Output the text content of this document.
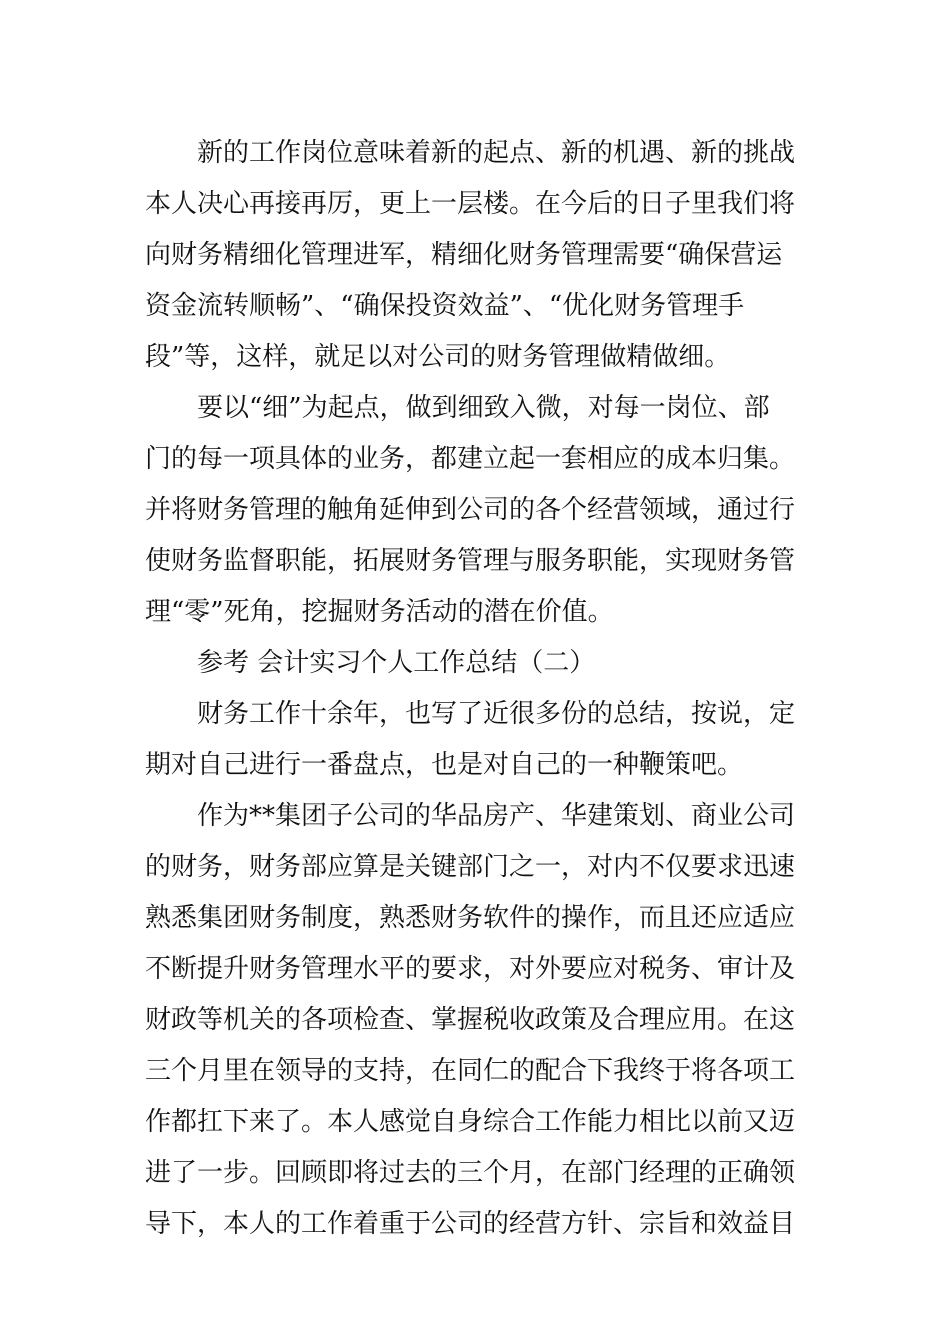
新的工作岗位意味着新的起点、新的机遇、新的挑战
本人决心再接再厉，更上一层楼。在今后的日子里我们将
向财务精细化管理进军，精细化财务管理需要“确保营运
资金流转顺畅”、“确保投资效益”、“优化财务管理手
段”等，这样，就足以对公司的财务管理做精做细。
要以“细”为起点，做到细致入微，对每一岗位、部
门的每一项具体的业务，都建立起一套相应的成本归集。
并将财务管理的触角延伸到公司的各个经营领域，通过行
使财务监督职能，拓展财务管理与服务职能，实现财务管
理“零”死角，挖掘财务活动的潜在价值。
参考 会计实习个人工作总结（二）
财务工作十余年，也写了近很多份的总结，按说，定
期对自己进行一番盘点，也是对自己的一种鞭策吧。
作为**集团子公司的华品房产、华建策划、商业公司
的财务，财务部应算是关键部门之一，对内不仅要求迅速
熟悉集团财务制度，熟悉财务软件的操作，而且还应适应
不断提升财务管理水平的要求，对外要应对税务、审计及
财政等机关的各项检查、掌握税收政策及合理应用。在这
三个月里在领导的支持，在同仁的配合下我终于将各项工
作都扛下来了。本人感觉自身综合工作能力相比以前又迈
进了一步。回顾即将过去的三个月，在部门经理的正确领
导下，本人的工作着重于公司的经营方针、宗旨和效益目
